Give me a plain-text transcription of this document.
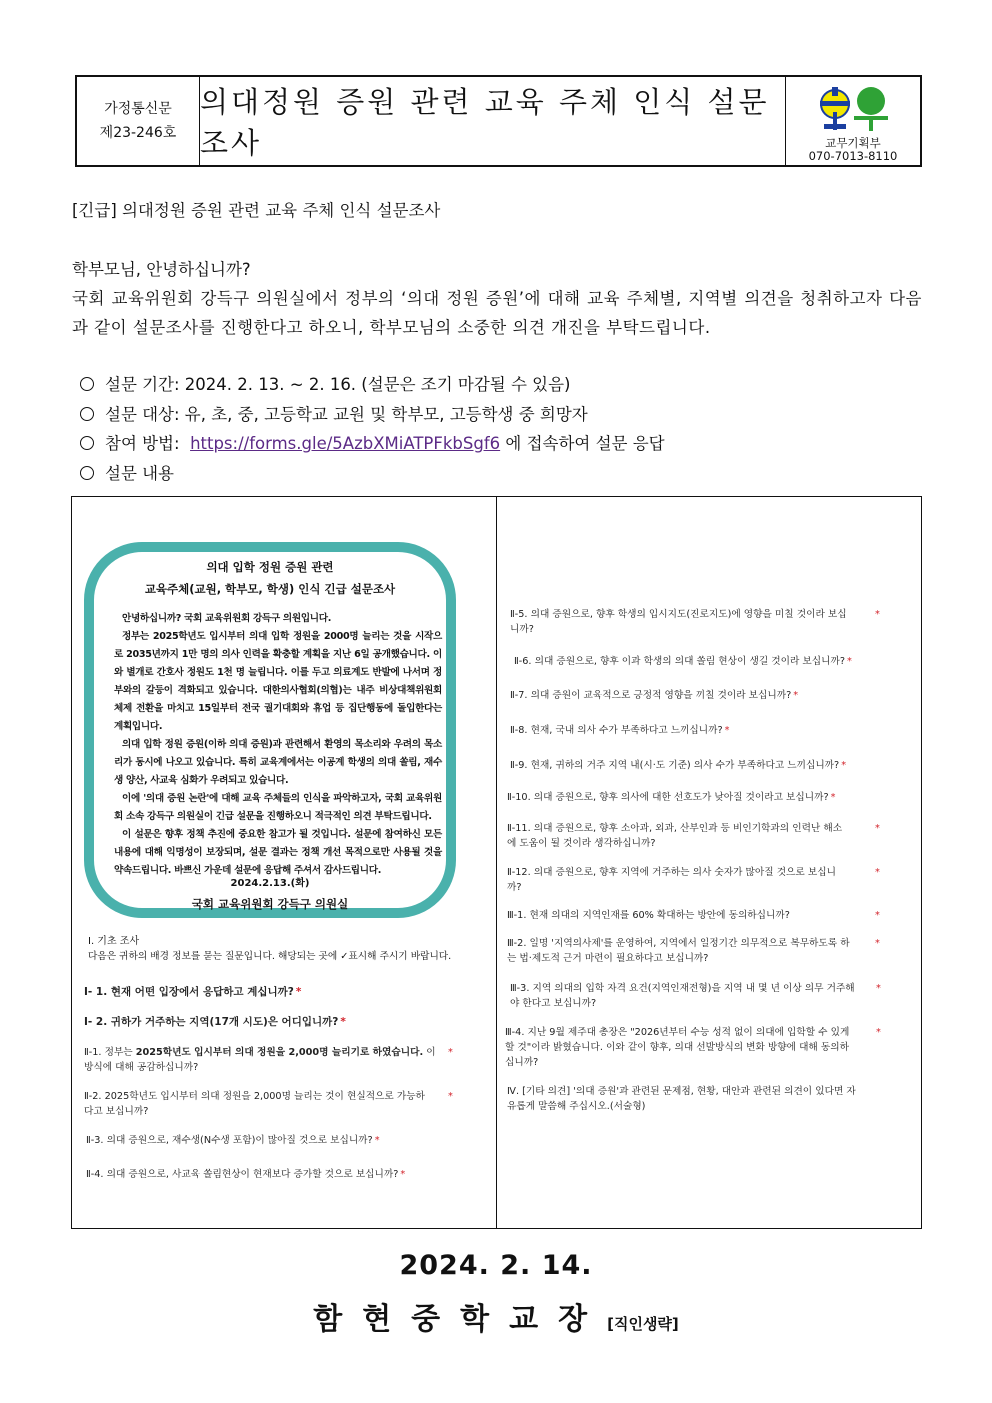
가정통신문
제23-246호
의대정원 증원 관련 교육 주체 인식 설문조사	교무기획부
070-7013-8110
[긴급] 의대정원 증원 관련 교육 주체 인식 설문조사
학부모님, 안녕하십니까?
국회 교육위원회 강득구 의원실에서 정부의 ‘의대 정원 증원’에 대해 교육 주체별, 지역별 의견을 청취하고자 다음과 같이 설문조사를 진행한다고 하오니, 학부모님의 소중한 의견 개진을 부탁드립니다.
설문 기간: 2024. 2. 13. ~ 2. 16. (설문은 조기 마감될 수 있음)
설문 대상: 유, 초, 중, 고등학교 교원 및 학부모, 고등학생 중 희망자
참여 방법: https://forms.gle/5AzbXMiATPFkbSgf6 에 접속하여 설문 응답
설문 내용
의대 입학 정원 증원 관련
교육주체(교원, 학부모, 학생) 인식 긴급 설문조사

안녕하십니까? 국회 교육위원회 강득구 의원입니다.

정부는 2025학년도 입시부터 의대 입학 정원을 2000명 늘리는 것을 시작으로 2035년까지 1만 명의 의사 인력을 확충할 계획을 지난 6일 공개했습니다. 이와 별개로 간호사 정원도 1천 명 늘립니다. 이를 두고 의료계도 반발에 나서며 정부와의 갈등이 격화되고 있습니다. 대한의사협회(의협)는 내주 비상대책위원회 체제 전환을 마치고 15일부터 전국 궐기대회와 휴업 등 집단행동에 돌입한다는 계획입니다.

의대 입학 정원 증원(이하 의대 증원)과 관련해서 환영의 목소리와 우려의 목소리가 동시에 나오고 있습니다. 특히 교육계에서는 이공계 학생의 의대 쏠림, 재수생 양산, 사교육 심화가 우려되고 있습니다.

이에 '의대 증원 논란'에 대해 교육 주체들의 인식을 파악하고자, 국회 교육위원회 소속 강득구 의원실이 긴급 설문을 진행하오니 적극적인 의견 부탁드립니다.

이 설문은 향후 정책 추진에 중요한 참고가 될 것입니다. 설문에 참여하신 모든 내용에 대해 익명성이 보장되며, 설문 결과는 정책 개선 목적으로만 사용될 것을 약속드립니다. 바쁘신 가운데 설문에 응답해 주셔서 감사드립니다.

2024.2.13.(화)
국회 교육위원회 강득구 의원실
Ⅰ. 기초 조사
다음은 귀하의 배경 정보를 묻는 질문입니다. 해당되는 곳에 ✓표시해 주시기 바랍니다.
Ⅰ- 1. 현재 어떤 입장에서 응답하고 계십니까? *
Ⅰ- 2. 귀하가 거주하는 지역(17개 시도)은 어디입니까? *
Ⅱ-1. 정부는 2025학년도 입시부터 의대 정원을 2,000명 늘리기로 하였습니다. 이
방식에 대해 공감하십니까?
*
Ⅱ-2. 2025학년도 입시부터 의대 정원을 2,000명 늘리는 것이 현실적으로 가능하
다고 보십니까?
*
Ⅱ-3. 의대 증원으로, 재수생(N수생 포함)이 많아질 것으로 보십니까? *
Ⅱ-4. 의대 증원으로, 사교육 쏠림현상이 현재보다 증가할 것으로 보십니까? *
Ⅱ-5. 의대 증원으로, 향후 학생의 입시지도(진로지도)에 영향을 미칠 것이라 보십
니까?
*
Ⅱ-6. 의대 증원으로, 향후 이과 학생의 의대 쏠림 현상이 생길 것이라 보십니까? *
Ⅱ-7. 의대 증원이 교육적으로 긍정적 영향을 끼칠 것이라 보십니까? *
Ⅱ-8. 현재, 국내 의사 수가 부족하다고 느끼십니까? *
Ⅱ-9. 현재, 귀하의 거주 지역 내(시·도 기준) 의사 수가 부족하다고 느끼십니까? *
Ⅱ-10. 의대 증원으로, 향후 의사에 대한 선호도가 낮아질 것이라고 보십니까? *
Ⅱ-11. 의대 증원으로, 향후 소아과, 외과, 산부인과 등 비인기학과의 인력난 해소
에 도움이 될 것이라 생각하십니까?
*
Ⅱ-12. 의대 증원으로, 향후 지역에 거주하는 의사 숫자가 많아질 것으로 보십니
까?
*
Ⅲ-1. 현재 의대의 지역인재를 60% 확대하는 방안에 동의하십니까?	*
Ⅲ-2. 일명 '지역의사제'를 운영하여, 지역에서 일정기간 의무적으로 복무하도록 하
는 법·제도적 근거 마련이 필요하다고 보십니까?
*
Ⅲ-3. 지역 의대의 입학 자격 요건(지역인재전형)을 지역 내 몇 년 이상 의무 거주해
야 한다고 보십니까?
*
Ⅲ-4. 지난 9월 제주대 총장은 "2026년부터 수능 성적 없이 의대에 입학할 수 있게
할 것"이라 밝혔습니다. 이와 같이 향후, 의대 선발방식의 변화 방향에 대해 동의하
십니까?
*
Ⅳ. [기타 의견] '의대 증원'과 관련된 문제점, 현황, 대안과 관련된 의견이 있다면 자
유롭게 말씀해 주십시오.(서술형)
2024. 2. 14.
함현중학교장[직인생략]
